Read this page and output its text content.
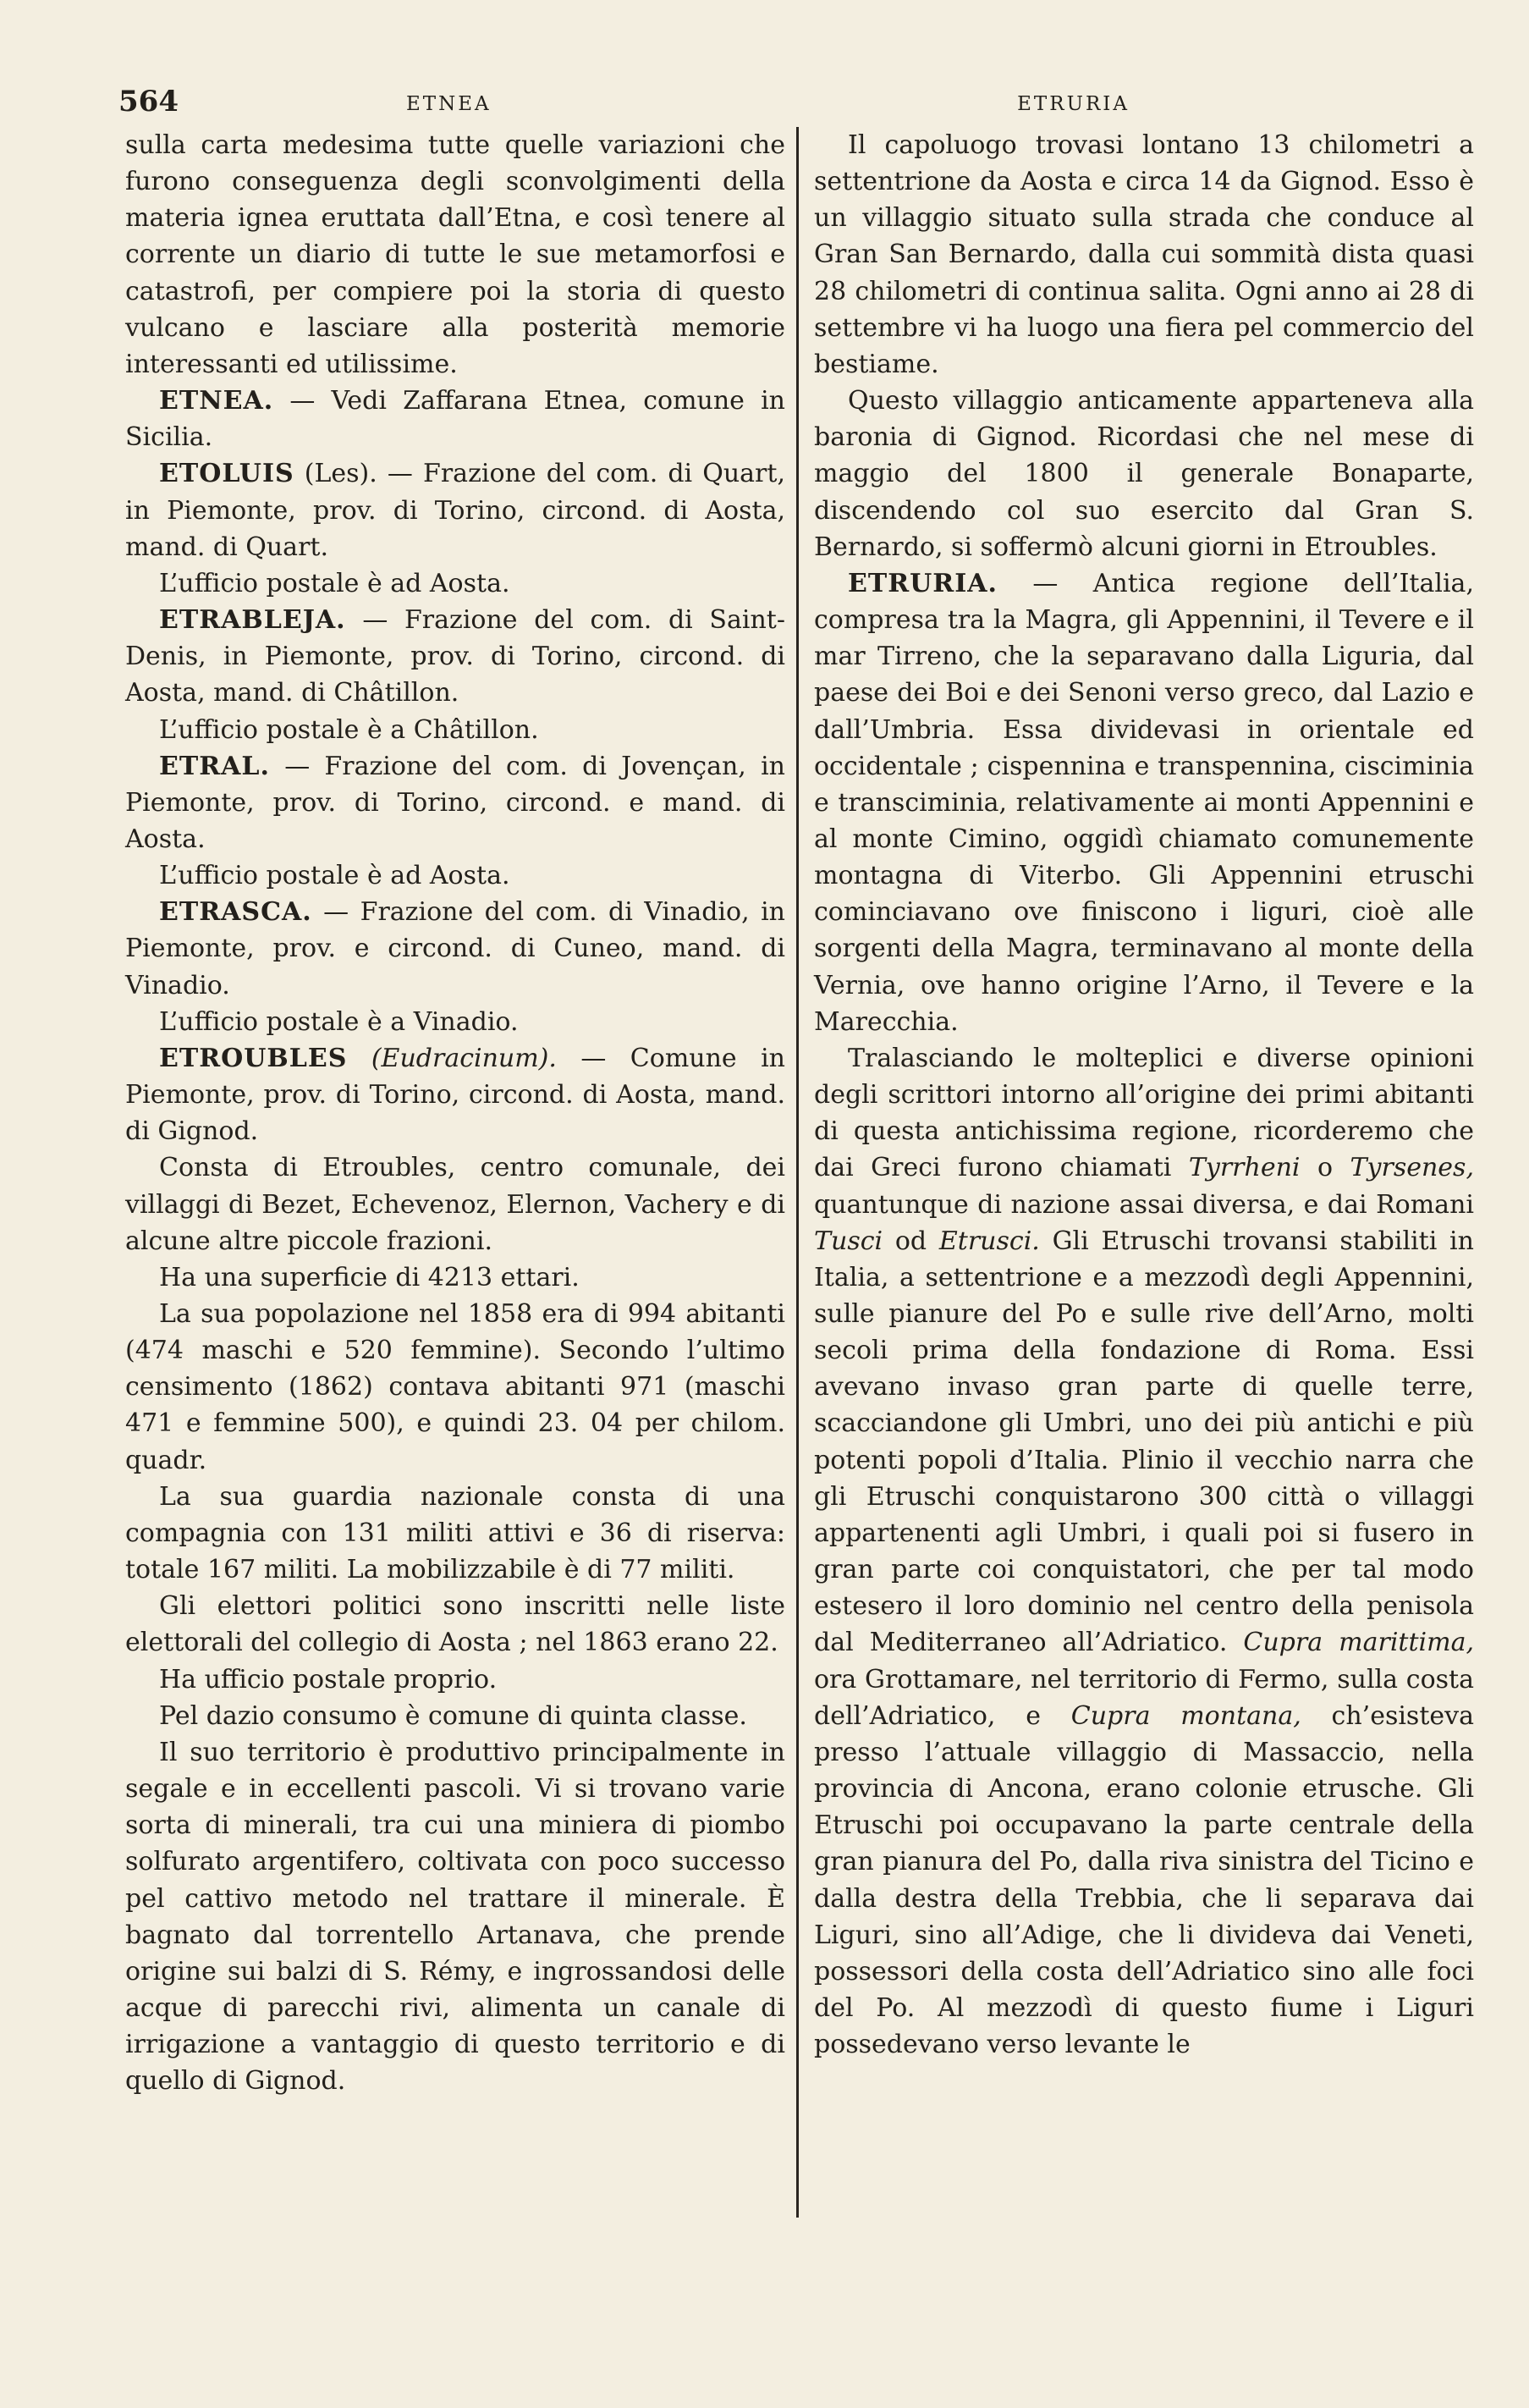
564	ETNEA	ETRURIA

sulla carta medesima tutte quelle variazioni che furono conseguenza degli sconvolgimenti della materia ignea eruttata dall’Etna, e così tenere al corrente un diario di tutte le sue metamorfosi e catastrofi, per compiere poi la storia di questo vulcano e lasciare alla posterità memorie interessanti ed utilissime.

ETNEA. — Vedi Zaffarana Etnea, comune in Sicilia.

ETOLUIS (Les). — Frazione del com. di Quart, in Piemonte, prov. di Torino, circond. di Aosta, mand. di Quart.

L’ufficio postale è ad Aosta.

ETRABLEJA. — Frazione del com. di Saint-Denis, in Piemonte, prov. di Torino, circond. di Aosta, mand. di Châtillon.

L’ufficio postale è a Châtillon.

ETRAL. — Frazione del com. di Jovençan, in Piemonte, prov. di Torino, circond. e mand. di Aosta.

L’ufficio postale è ad Aosta.

ETRASCA. — Frazione del com. di Vinadio, in Piemonte, prov. e circond. di Cuneo, mand. di Vinadio.

L’ufficio postale è a Vinadio.

ETROUBLES (Eudracinum). — Comune in Piemonte, prov. di Torino, circond. di Aosta, mand. di Gignod.

Consta di Etroubles, centro comunale, dei villaggi di Bezet, Echevenoz, Elernon, Vachery e di alcune altre piccole frazioni.

Ha una superficie di 4213 ettari.

La sua popolazione nel 1858 era di 994 abitanti (474 maschi e 520 femmine). Secondo l’ultimo censimento (1862) contava abitanti 971 (maschi 471 e femmine 500), e quindi 23. 04 per chilom. quadr.

La sua guardia nazionale consta di una compagnia con 131 militi attivi e 36 di riserva: totale 167 militi. La mobilizzabile è di 77 militi.

Gli elettori politici sono inscritti nelle liste elettorali del collegio di Aosta ; nel 1863 erano 22.

Ha ufficio postale proprio.

Pel dazio consumo è comune di quinta classe.

Il suo territorio è produttivo principalmente in segale e in eccellenti pascoli. Vi si trovano varie sorta di minerali, tra cui una miniera di piombo solfurato argentifero, coltivata con poco successo pel cattivo metodo nel trattare il minerale. È bagnato dal torrentello Artanava, che prende origine sui balzi di S. Rémy, e ingrossandosi delle acque di parecchi rivi, alimenta un canale di irrigazione a vantaggio di questo territorio e di quello di Gignod.

Il capoluogo trovasi lontano 13 chilometri a settentrione da Aosta e circa 14 da Gignod. Esso è un villaggio situato sulla strada che conduce al Gran San Bernardo, dalla cui sommità dista quasi 28 chilometri di continua salita. Ogni anno ai 28 di settembre vi ha luogo una fiera pel commercio del bestiame.

Questo villaggio anticamente apparteneva alla baronia di Gignod. Ricordasi che nel mese di maggio del 1800 il generale Bonaparte, discendendo col suo esercito dal Gran S. Bernardo, si soffermò alcuni giorni in Etroubles.

ETRURIA. — Antica regione dell’Italia, compresa tra la Magra, gli Appennini, il Tevere e il mar Tirreno, che la separavano dalla Liguria, dal paese dei Boi e dei Senoni verso greco, dal Lazio e dall’Umbria. Essa dividevasi in orientale ed occidentale ; cispennina e transpennina, cisciminia e transciminia, relativamente ai monti Appennini e al monte Cimino, oggidì chiamato comunemente montagna di Viterbo. Gli Appennini etruschi cominciavano ove finiscono i liguri, cioè alle sorgenti della Magra, terminavano al monte della Vernia, ove hanno origine l’Arno, il Tevere e la Marecchia.

Tralasciando le molteplici e diverse opinioni degli scrittori intorno all’origine dei primi abitanti di questa antichissima regione, ricorderemo che dai Greci furono chiamati Tyrrheni o Tyrsenes, quantunque di nazione assai diversa, e dai Romani Tusci od Etrusci. Gli Etruschi trovansi stabiliti in Italia, a settentrione e a mezzodì degli Appennini, sulle pianure del Po e sulle rive dell’Arno, molti secoli prima della fondazione di Roma. Essi avevano invaso gran parte di quelle terre, scacciandone gli Umbri, uno dei più antichi e più potenti popoli d’Italia. Plinio il vecchio narra che gli Etruschi conquistarono 300 città o villaggi appartenenti agli Umbri, i quali poi si fusero in gran parte coi conquistatori, che per tal modo estesero il loro dominio nel centro della penisola dal Mediterraneo all’Adriatico. Cupra marittima, ora Grottamare, nel territorio di Fermo, sulla costa dell’Adriatico, e Cupra montana, ch’esisteva presso l’attuale villaggio di Massaccio, nella provincia di Ancona, erano colonie etrusche. Gli Etruschi poi occupavano la parte centrale della gran pianura del Po, dalla riva sinistra del Ticino e dalla destra della Trebbia, che li separava dai Liguri, sino all’Adige, che li divideva dai Veneti, possessori della costa dell’Adriatico sino alle foci del Po. Al mezzodì di questo fiume i Liguri possedevano verso levante le
